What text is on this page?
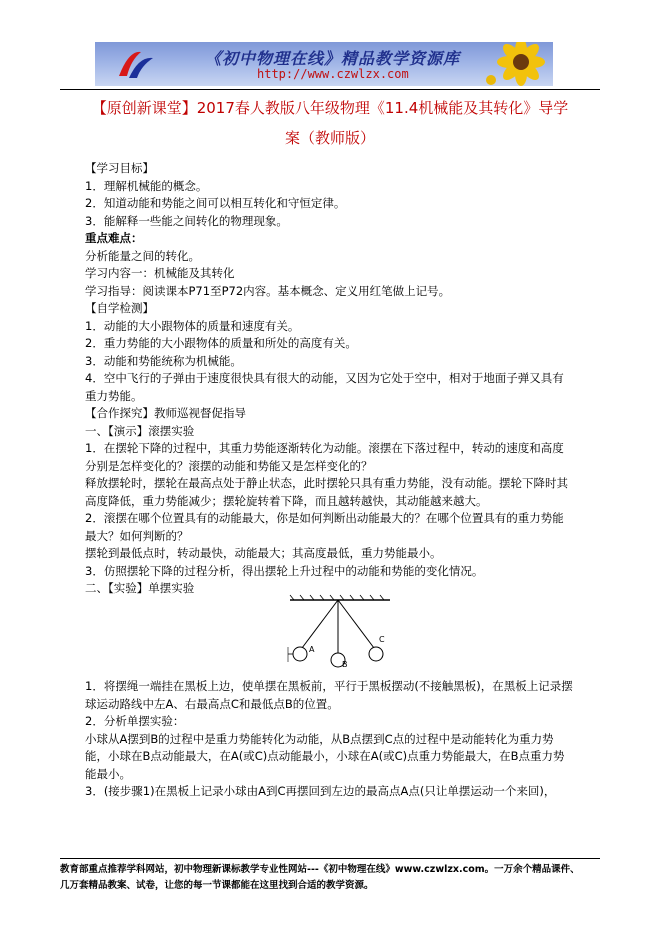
《初中物理在线》精品教学资源库
http://www.czwlzx.com
【原创新课堂】2017春人教版八年级物理《11.4机械能及其转化》导学
案（教师版）
【学习目标】
1．理解机械能的概念。
2．知道动能和势能之间可以相互转化和守恒定律。
3．能解释一些能之间转化的物理现象。
重点难点：
分析能量之间的转化。
学习内容一：机械能及其转化
学习指导：阅读课本P71至P72内容。基本概念、定义用红笔做上记号。
【自学检测】
1．动能的大小跟物体的质量和速度有关。
2．重力势能的大小跟物体的质量和所处的高度有关。
3．动能和势能统称为机械能。
4．空中飞行的子弹由于速度很快具有很大的动能，又因为它处于空中，相对于地面子弹又具有重力势能。
【合作探究】教师巡视督促指导
一、【演示】滚摆实验
1．在摆轮下降的过程中，其重力势能逐渐转化为动能。滚摆在下落过程中，转动的速度和高度分别是怎样变化的？滚摆的动能和势能又是怎样变化的？
释放摆轮时，摆轮在最高点处于静止状态，此时摆轮只具有重力势能，没有动能。摆轮下降时其高度降低，重力势能减少；摆轮旋转着下降，而且越转越快，其动能越来越大。
2．滚摆在哪个位置具有的动能最大，你是如何判断出动能最大的？在哪个位置具有的重力势能最大？如何判断的？
摆轮到最低点时，转动最快，动能最大；其高度最低，重力势能最小。
3．仿照摆轮下降的过程分析，得出摆轮上升过程中的动能和势能的变化情况。
二、【实验】单摆实验
A
B
C
1．将摆绳一端挂在黑板上边，使单摆在黑板前，平行于黑板摆动(不接触黑板)，在黑板上记录摆球运动路线中左A、右最高点C和最低点B的位置。
2．分析单摆实验：
小球从A摆到B的过程中是重力势能转化为动能，从B点摆到C点的过程中是动能转化为重力势能，小球在B点动能最大，在A(或C)点动能最小，小球在A(或C)点重力势能最大，在B点重力势能最小。
3．(接步骤1)在黑板上记录小球由A到C再摆回到左边的最高点A点(只让单摆运动一个来回)，
教育部重点推荐学科网站，初中物理新课标教学专业性网站---《初中物理在线》www.czwlzx.com。一万余个精品课件、
几万套精品教案、试卷，让您的每一节课都能在这里找到合适的教学资源。
